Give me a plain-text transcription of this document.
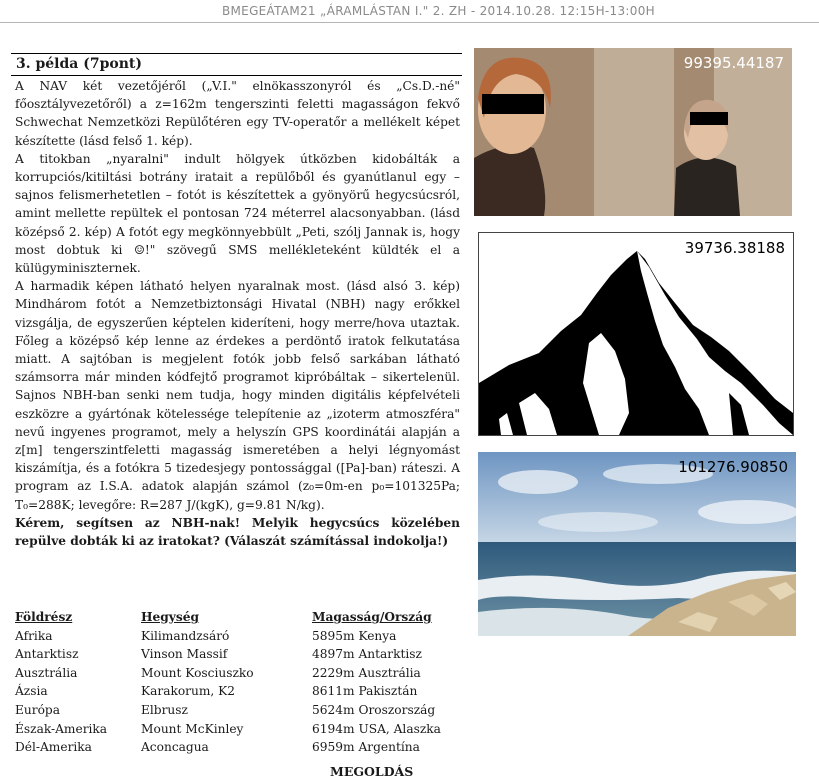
BMEGEÁTAM21 „ÁRAMLÁSTAN I." 2. ZH - 2014.10.28. 12:15H-13:00H
3. példa (7pont)

A NAV két vezetőjéről („V.I." elnökasszonyról és „Cs.D.-né" főosztályvezetőről) a z=162m tengerszinti feletti magasságon fekvő Schwechat Nemzetközi Repülőtéren egy TV-operatőr a mellékelt képet készítette (lásd felső 1. kép).

A titokban „nyaralni" indult hölgyek útközben kidobálták a korrupciós/kitiltási botrány iratait a repülőből és gyanútlanul egy – sajnos felismerhetetlen – fotót is készítettek a gyönyörű hegycsúcsról, amint mellette repültek el pontosan 724 méterrel alacsonyabban. (lásd középső 2. kép) A fotót egy megkönnyebbült „Peti, szólj Jannak is, hogy most dobtuk ki ☺!" szövegű SMS mellékleteként küldték el a külügyminiszternek.

A harmadik képen látható helyen nyaralnak most. (lásd alsó 3. kép) Mindhárom fotót a Nemzetbiztonsági Hivatal (NBH) nagy erőkkel vizsgálja, de egyszerűen képtelen kideríteni, hogy merre/hova utaztak. Főleg a középső kép lenne az érdekes a perdöntő iratok felkutatása miatt. A sajtóban is megjelent fotók jobb felső sarkában látható számsorra már minden kódfejtő programot kipróbáltak – sikertelenül. Sajnos NBH-ban senki nem tudja, hogy minden digitális képfelvételi eszközre a gyártónak kötelessége telepítenie az „izoterm atmoszféra" nevű ingyenes programot, mely a helyszín GPS koordinátái alapján a z[m] tengerszintfeletti magasság ismeretében a helyi légnyomást kiszámítja, és a fotókra 5 tizedesjegy pontossággal ([Pa]-ban) ráteszi. A program az I.S.A. adatok alapján számol (z₀=0m-en p₀=101325Pa; T₀=288K; levegőre: R=287 J/(kgK), g=9.81 N/kg).

Kérem, segítsen az NBH-nak! Melyik hegycsúcs közelében repülve dobták ki az iratokat? (Válaszát számítással indokolja!)

Földrész	Hegység	Magasság/Ország
Afrika	Kilimandzsáró	5895m Kenya
Antarktisz	Vinson Massif	4897m Antarktisz
Ausztrália	Mount Kosciuszko	2229m Ausztrália
Ázsia	Karakorum, K2	8611m Pakisztán
Európa	Elbrusz	5624m Oroszország
Észak-Amerika	Mount McKinley	6194m USA, Alaszka
Dél-Amerika	Aconcagua	6959m Argentína
MEGOLDÁS
99395.44187
39736.38188
101276.90850
